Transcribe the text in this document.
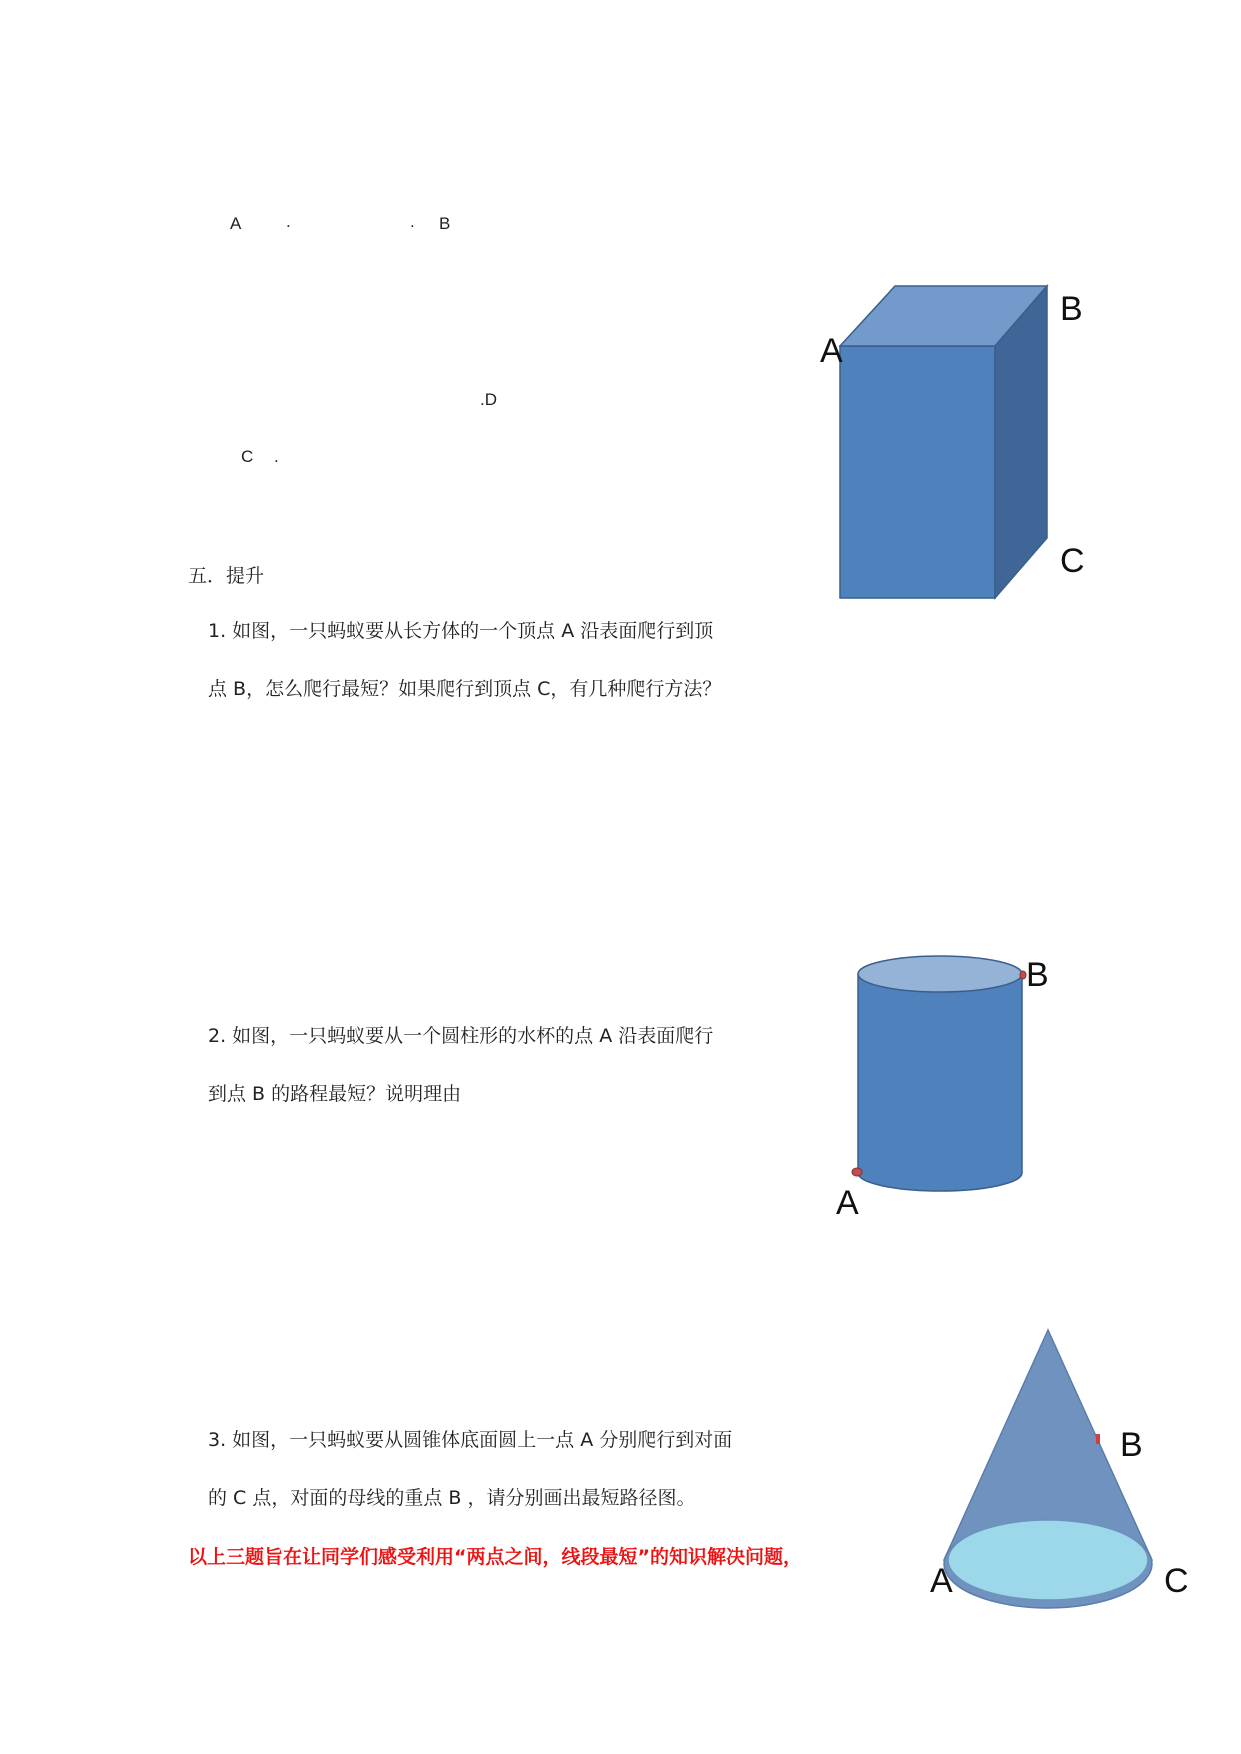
A	.	. B
.D
C .
五．提升
1. 如图，一只蚂蚁要从长方体的一个顶点 A 沿表面爬行到顶
点 B，怎么爬行最短？如果爬行到顶点 C，有几种爬行方法？
2. 如图，一只蚂蚁要从一个圆柱形的水杯的点 A 沿表面爬行
到点 B 的路程最短？说明理由
3. 如图，一只蚂蚁要从圆锥体底面圆上一点 A 分别爬行到对面
的 C 点，对面的母线的重点 B ，请分别画出最短路径图。
以上三题旨在让同学们感受利用“两点之间，线段最短”的知识解决问题，
A
B
C
B
A
B
A	C
